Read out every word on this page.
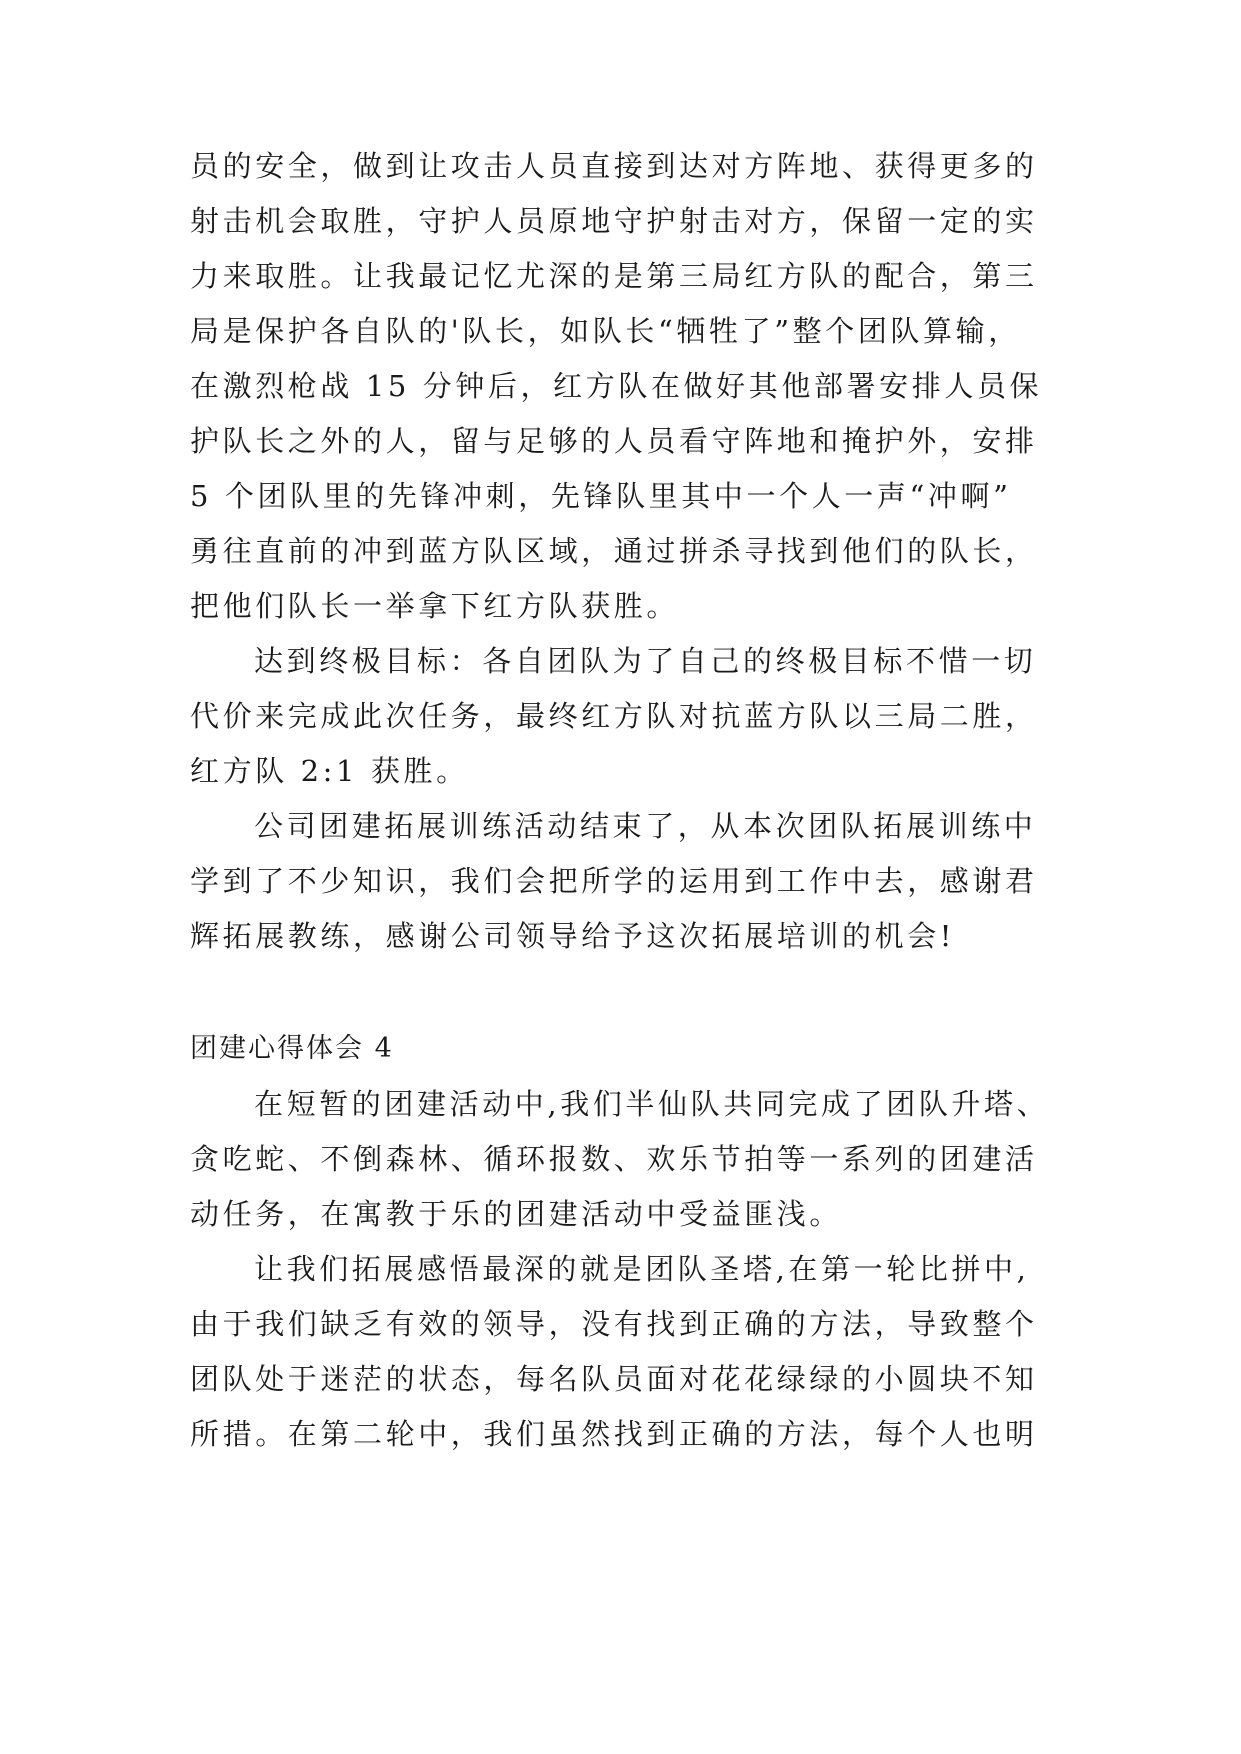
员的安全，做到让攻击人员直接到达对方阵地、获得更多的
射击机会取胜，守护人员原地守护射击对方，保留一定的实
力来取胜。让我最记忆尤深的是第三局红方队的配合，第三
局是保护各自队的'队长，如队长“牺牲了”整个团队算输，
在激烈枪战 15 分钟后，红方队在做好其他部署安排人员保
护队长之外的人，留与足够的人员看守阵地和掩护外，安排
5 个团队里的先锋冲刺，先锋队里其中一个人一声“冲啊”
勇往直前的冲到蓝方队区域，通过拼杀寻找到他们的队长，
把他们队长一举拿下红方队获胜。
达到终极目标：各自团队为了自己的终极目标不惜一切
代价来完成此次任务，最终红方队对抗蓝方队以三局二胜，
红方队 2:1 获胜。
公司团建拓展训练活动结束了，从本次团队拓展训练中
学到了不少知识，我们会把所学的运用到工作中去，感谢君
辉拓展教练，感谢公司领导给予这次拓展培训的机会!
团建心得体会 4
在短暂的团建活动中,我们半仙队共同完成了团队升塔、
贪吃蛇、不倒森林、循环报数、欢乐节拍等一系列的团建活
动任务，在寓教于乐的团建活动中受益匪浅。
让我们拓展感悟最深的就是团队圣塔,在第一轮比拼中,
由于我们缺乏有效的领导，没有找到正确的方法，导致整个
团队处于迷茫的状态，每名队员面对花花绿绿的小圆块不知
所措。在第二轮中，我们虽然找到正确的方法，每个人也明
